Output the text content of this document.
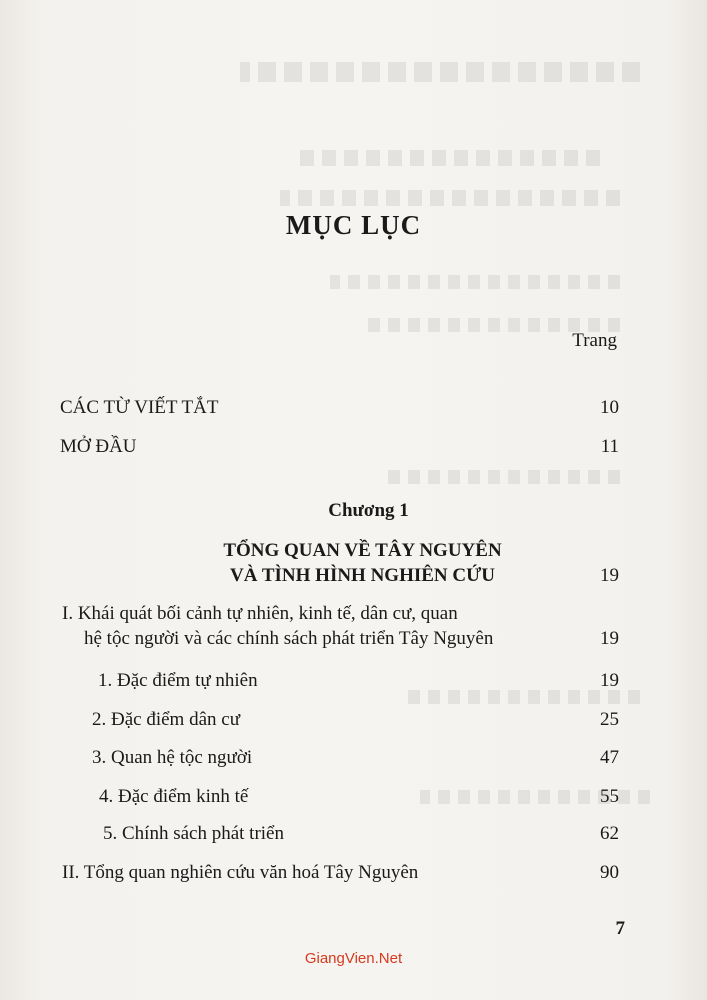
MỤC LỤC
Trang
CÁC TỪ VIẾT TẮT	10
MỞ ĐẦU	11
Chương 1
TỔNG QUAN VỀ TÂY NGUYÊN
VÀ TÌNH HÌNH NGHIÊN CỨU	19
I. Khái quát bối cảnh tự nhiên, kinh tế, dân cư, quan
hệ tộc người và các chính sách phát triển Tây Nguyên	19
1. Đặc điểm tự nhiên	19
2. Đặc điểm dân cư	25
3. Quan hệ tộc người	47
4. Đặc điểm kinh tế	55
5. Chính sách phát triển	62
II. Tổng quan nghiên cứu văn hoá Tây Nguyên	90
7
GiangVien.Net
